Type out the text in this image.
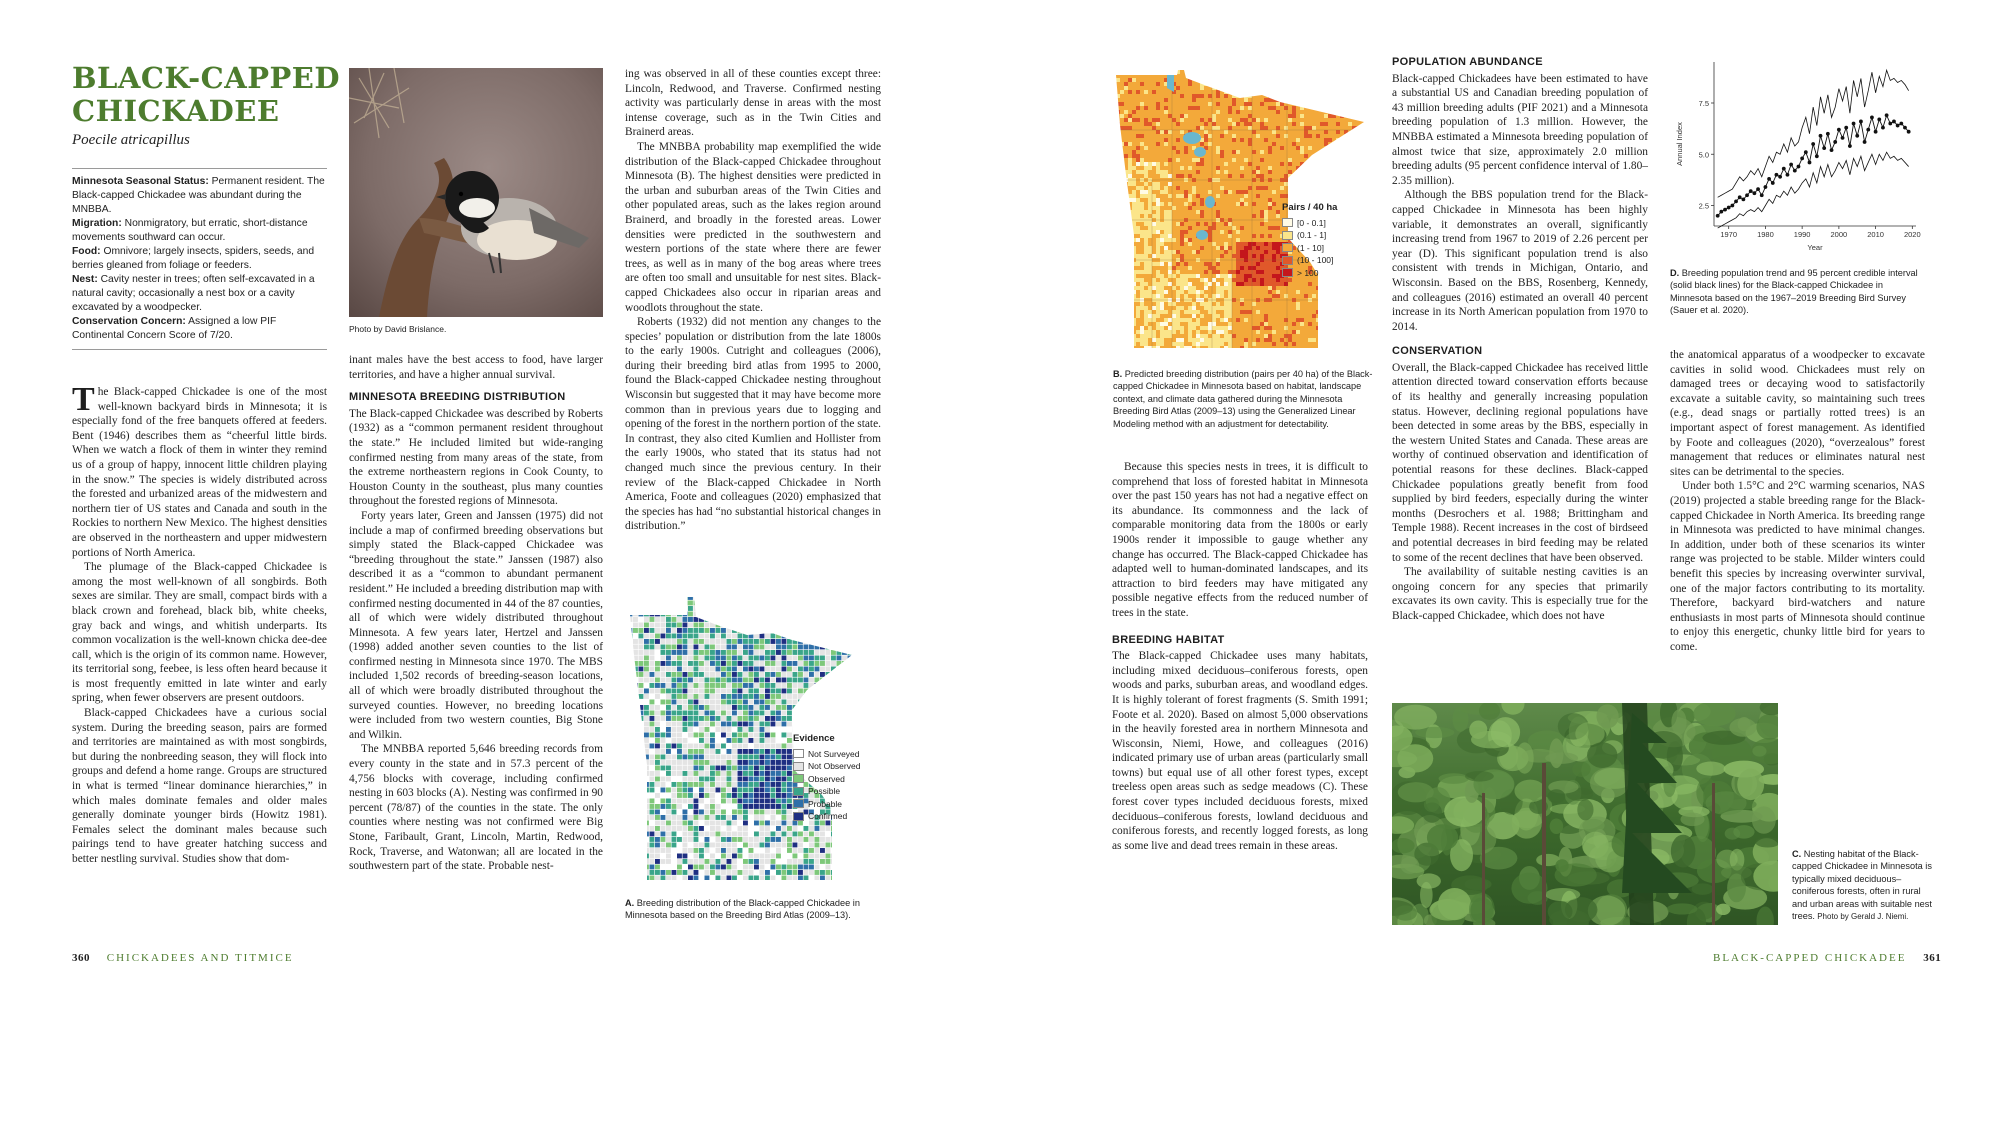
BLACK-CAPPED CHICKADEE
Poecile atricapillus

Minnesota Seasonal Status: Permanent resident. The Black-capped Chickadee was abundant during the MNBBA.

Migration: Nonmigratory, but erratic, short-distance movements southward can occur.

Food: Omnivore; largely insects, spiders, seeds, and berries gleaned from foliage or feeders.

Nest: Cavity nester in trees; often self-excavated in a natural cavity; occasionally a nest box or a cavity excavated by a woodpecker.

Conservation Concern: Assigned a low PIF Continental Concern Score of 7/20.

Photo by David Brislance.

The Black-capped Chickadee is one of the most well-known backyard birds in Minnesota; it is especially fond of the free banquets offered at feeders. Bent (1946) describes them as “cheerful little birds. When we watch a flock of them in winter they remind us of a group of happy, innocent little children playing in the snow.” The species is widely distributed across the forested and urbanized areas of the midwestern and northern tier of US states and Canada and south in the Rockies to northern New Mexico. The highest densities are observed in the northeastern and upper midwestern portions of North America.

The plumage of the Black-capped Chickadee is among the most well-known of all songbirds. Both sexes are similar. They are small, compact birds with a black crown and forehead, black bib, white cheeks, gray back and wings, and whitish underparts. Its common vocalization is the well-known chicka dee-dee call, which is the origin of its common name. However, its territorial song, feebee, is less often heard because it is most frequently emitted in late winter and early spring, when fewer observers are present outdoors.

Black-capped Chickadees have a curious social system. During the breeding season, pairs are formed and territories are maintained as with most songbirds, but during the nonbreeding season, they will flock into groups and defend a home range. Groups are structured in what is termed “linear dominance hierarchies,” in which males dominate females and older males generally dominate younger birds (Howitz 1981). Females select the dominant males because such pairings tend to have greater hatching success and better nestling survival. Studies show that dom-

inant males have the best access to food, have larger territories, and have a higher annual survival.

MINNESOTA BREEDING DISTRIBUTION

The Black-capped Chickadee was described by Roberts (1932) as a “common permanent resident throughout the state.” He included limited but wide-ranging confirmed nesting from many areas of the state, from the extreme northeastern regions in Cook County, to Houston County in the southeast, plus many counties throughout the forested regions of Minnesota.

Forty years later, Green and Janssen (1975) did not include a map of confirmed breeding observations but simply stated the Black-capped Chickadee was “breeding throughout the state.” Janssen (1987) also described it as a “common to abundant permanent resident.” He included a breeding distribution map with confirmed nesting documented in 44 of the 87 counties, all of which were widely distributed throughout Minnesota. A few years later, Hertzel and Janssen (1998) added another seven counties to the list of confirmed nesting in Minnesota since 1970. The MBS included 1,502 records of breeding-season locations, all of which were broadly distributed throughout the surveyed counties. However, no breeding locations were included from two western counties, Big Stone and Wilkin.

The MNBBA reported 5,646 breeding records from every county in the state and in 57.3 percent of the 4,756 blocks with coverage, including confirmed nesting in 603 blocks (A). Nesting was confirmed in 90 percent (78/87) of the counties in the state. The only counties where nesting was not confirmed were Big Stone, Faribault, Grant, Lincoln, Martin, Redwood, Rock, Traverse, and Watonwan; all are located in the southwestern part of the state. Probable nest-

ing was observed in all of these counties except three: Lincoln, Redwood, and Traverse. Confirmed nesting activity was particularly dense in areas with the most intense coverage, such as in the Twin Cities and Brainerd areas.

The MNBBA probability map exemplified the wide distribution of the Black-capped Chickadee throughout Minnesota (B). The highest densities were predicted in the urban and suburban areas of the Twin Cities and other populated areas, such as the lakes region around Brainerd, and broadly in the forested areas. Lower densities were predicted in the southwestern and western portions of the state where there are fewer trees, as well as in many of the bog areas where trees are often too small and unsuitable for nest sites. Black-capped Chickadees also occur in riparian areas and woodlots throughout the state.

Roberts (1932) did not mention any changes to the species’ population or distribution from the late 1800s to the early 1900s. Cutright and colleagues (2006), during their breeding bird atlas from 1995 to 2000, found the Black-capped Chickadee nesting throughout Wisconsin but suggested that it may have become more common than in previous years due to logging and opening of the forest in the northern portion of the state. In contrast, they also cited Kumlien and Hollister from the early 1900s, who stated that its status had not changed much since the previous century. In their review of the Black-capped Chickadee in North America, Foote and colleagues (2020) emphasized that the species has had “no substantial historical changes in distribution.”

Evidence
Not Surveyed
Not Observed
Observed
Possible
Probable
Confirmed
A. Breeding distribution of the Black-capped Chickadee in Minnesota based on the Breeding Bird Atlas (2009–13).
360 CHICKADEES AND TITMICE
Pairs / 40 ha
[0 - 0.1]
(0.1 - 1]
(1 - 10]
(10 - 100]
> 100
B. Predicted breeding distribution (pairs per 40 ha) of the Black-capped Chickadee in Minnesota based on habitat, landscape context, and climate data gathered during the Minnesota Breeding Bird Atlas (2009–13) using the Generalized Linear Modeling method with an adjustment for detectability.

Because this species nests in trees, it is difficult to comprehend that loss of forested habitat in Minnesota over the past 150 years has not had a negative effect on its abundance. Its commonness and the lack of comparable monitoring data from the 1800s or early 1900s render it impossible to gauge whether any change has occurred. The Black-capped Chickadee has adapted well to human-dominated landscapes, and its attraction to bird feeders may have mitigated any possible negative effects from the reduced number of trees in the state.

BREEDING HABITAT

The Black-capped Chickadee uses many habitats, including mixed deciduous–coniferous forests, open woods and parks, suburban areas, and woodland edges. It is highly tolerant of forest fragments (S. Smith 1991; Foote et al. 2020). Based on almost 5,000 observations in the heavily forested area in northern Minnesota and Wisconsin, Niemi, Howe, and colleagues (2016) indicated primary use of urban areas (particularly small towns) but equal use of all other forest types, except treeless open areas such as sedge meadows (C). These forest cover types included deciduous forests, mixed deciduous–coniferous forests, lowland deciduous and coniferous forests, and recently logged forests, as long as some live and dead trees remain in these areas.

POPULATION ABUNDANCE

Black-capped Chickadees have been estimated to have a substantial US and Canadian breeding population of 43 million breeding adults (PIF 2021) and a Minnesota breeding population of 1.3 million. However, the MNBBA estimated a Minnesota breeding population of almost twice that size, approximately 2.0 million breeding adults (95 percent confidence interval of 1.80–2.35 million).

Although the BBS population trend for the Black-capped Chickadee in Minnesota has been highly variable, it demonstrates an overall, significantly increasing trend from 1967 to 2019 of 2.26 percent per year (D). This significant population trend is also consistent with trends in Michigan, Ontario, and Wisconsin. Based on the BBS, Rosenberg, Kennedy, and colleagues (2016) estimated an overall 40 percent increase in its North American population from 1970 to 2014.

CONSERVATION

Overall, the Black-capped Chickadee has received little attention directed toward conservation efforts because of its healthy and generally increasing population status. However, declining regional populations have been detected in some areas by the BBS, especially in the western United States and Canada. These areas are worthy of continued observation and identification of potential reasons for these declines. Black-capped Chickadee populations greatly benefit from food supplied by bird feeders, especially during the winter months (Desrochers et al. 1988; Brittingham and Temple 1988). Recent increases in the cost of birdseed and potential decreases in bird feeding may be related to some of the recent declines that have been observed.

The availability of suitable nesting cavities is an ongoing concern for any species that primarily excavates its own cavity. This is especially true for the Black-capped Chickadee, which does not have

1970	1980	1990	2000	2010	2020
2.5
5.0
7.5
Year
Annual Index
D. Breeding population trend and 95 percent credible interval (solid black lines) for the Black-capped Chickadee in Minnesota based on the 1967–2019 Breeding Bird Survey (Sauer et al. 2020).

the anatomical apparatus of a woodpecker to excavate cavities in solid wood. Chickadees must rely on damaged trees or decaying wood to satisfactorily excavate a suitable cavity, so maintaining such trees (e.g., dead snags or partially rotted trees) is an important aspect of forest management. As identified by Foote and colleagues (2020), “overzealous” forest management that reduces or eliminates natural nest sites can be detrimental to the species.

Under both 1.5°C and 2°C warming scenarios, NAS (2019) projected a stable breeding range for the Black-capped Chickadee in North America. Its breeding range in Minnesota was predicted to have minimal changes. In addition, under both of these scenarios its winter range was projected to be stable. Milder winters could benefit this species by increasing overwinter survival, one of the major factors contributing to its mortality. Therefore, backyard bird-watchers and nature enthusiasts in most parts of Minnesota should continue to enjoy this energetic, chunky little bird for years to come.

C. Nesting habitat of the Black-capped Chickadee in Minnesota is typically mixed deciduous–coniferous forests, often in rural and urban areas with suitable nest trees. Photo by Gerald J. Niemi.
BLACK-CAPPED CHICKADEE 361
